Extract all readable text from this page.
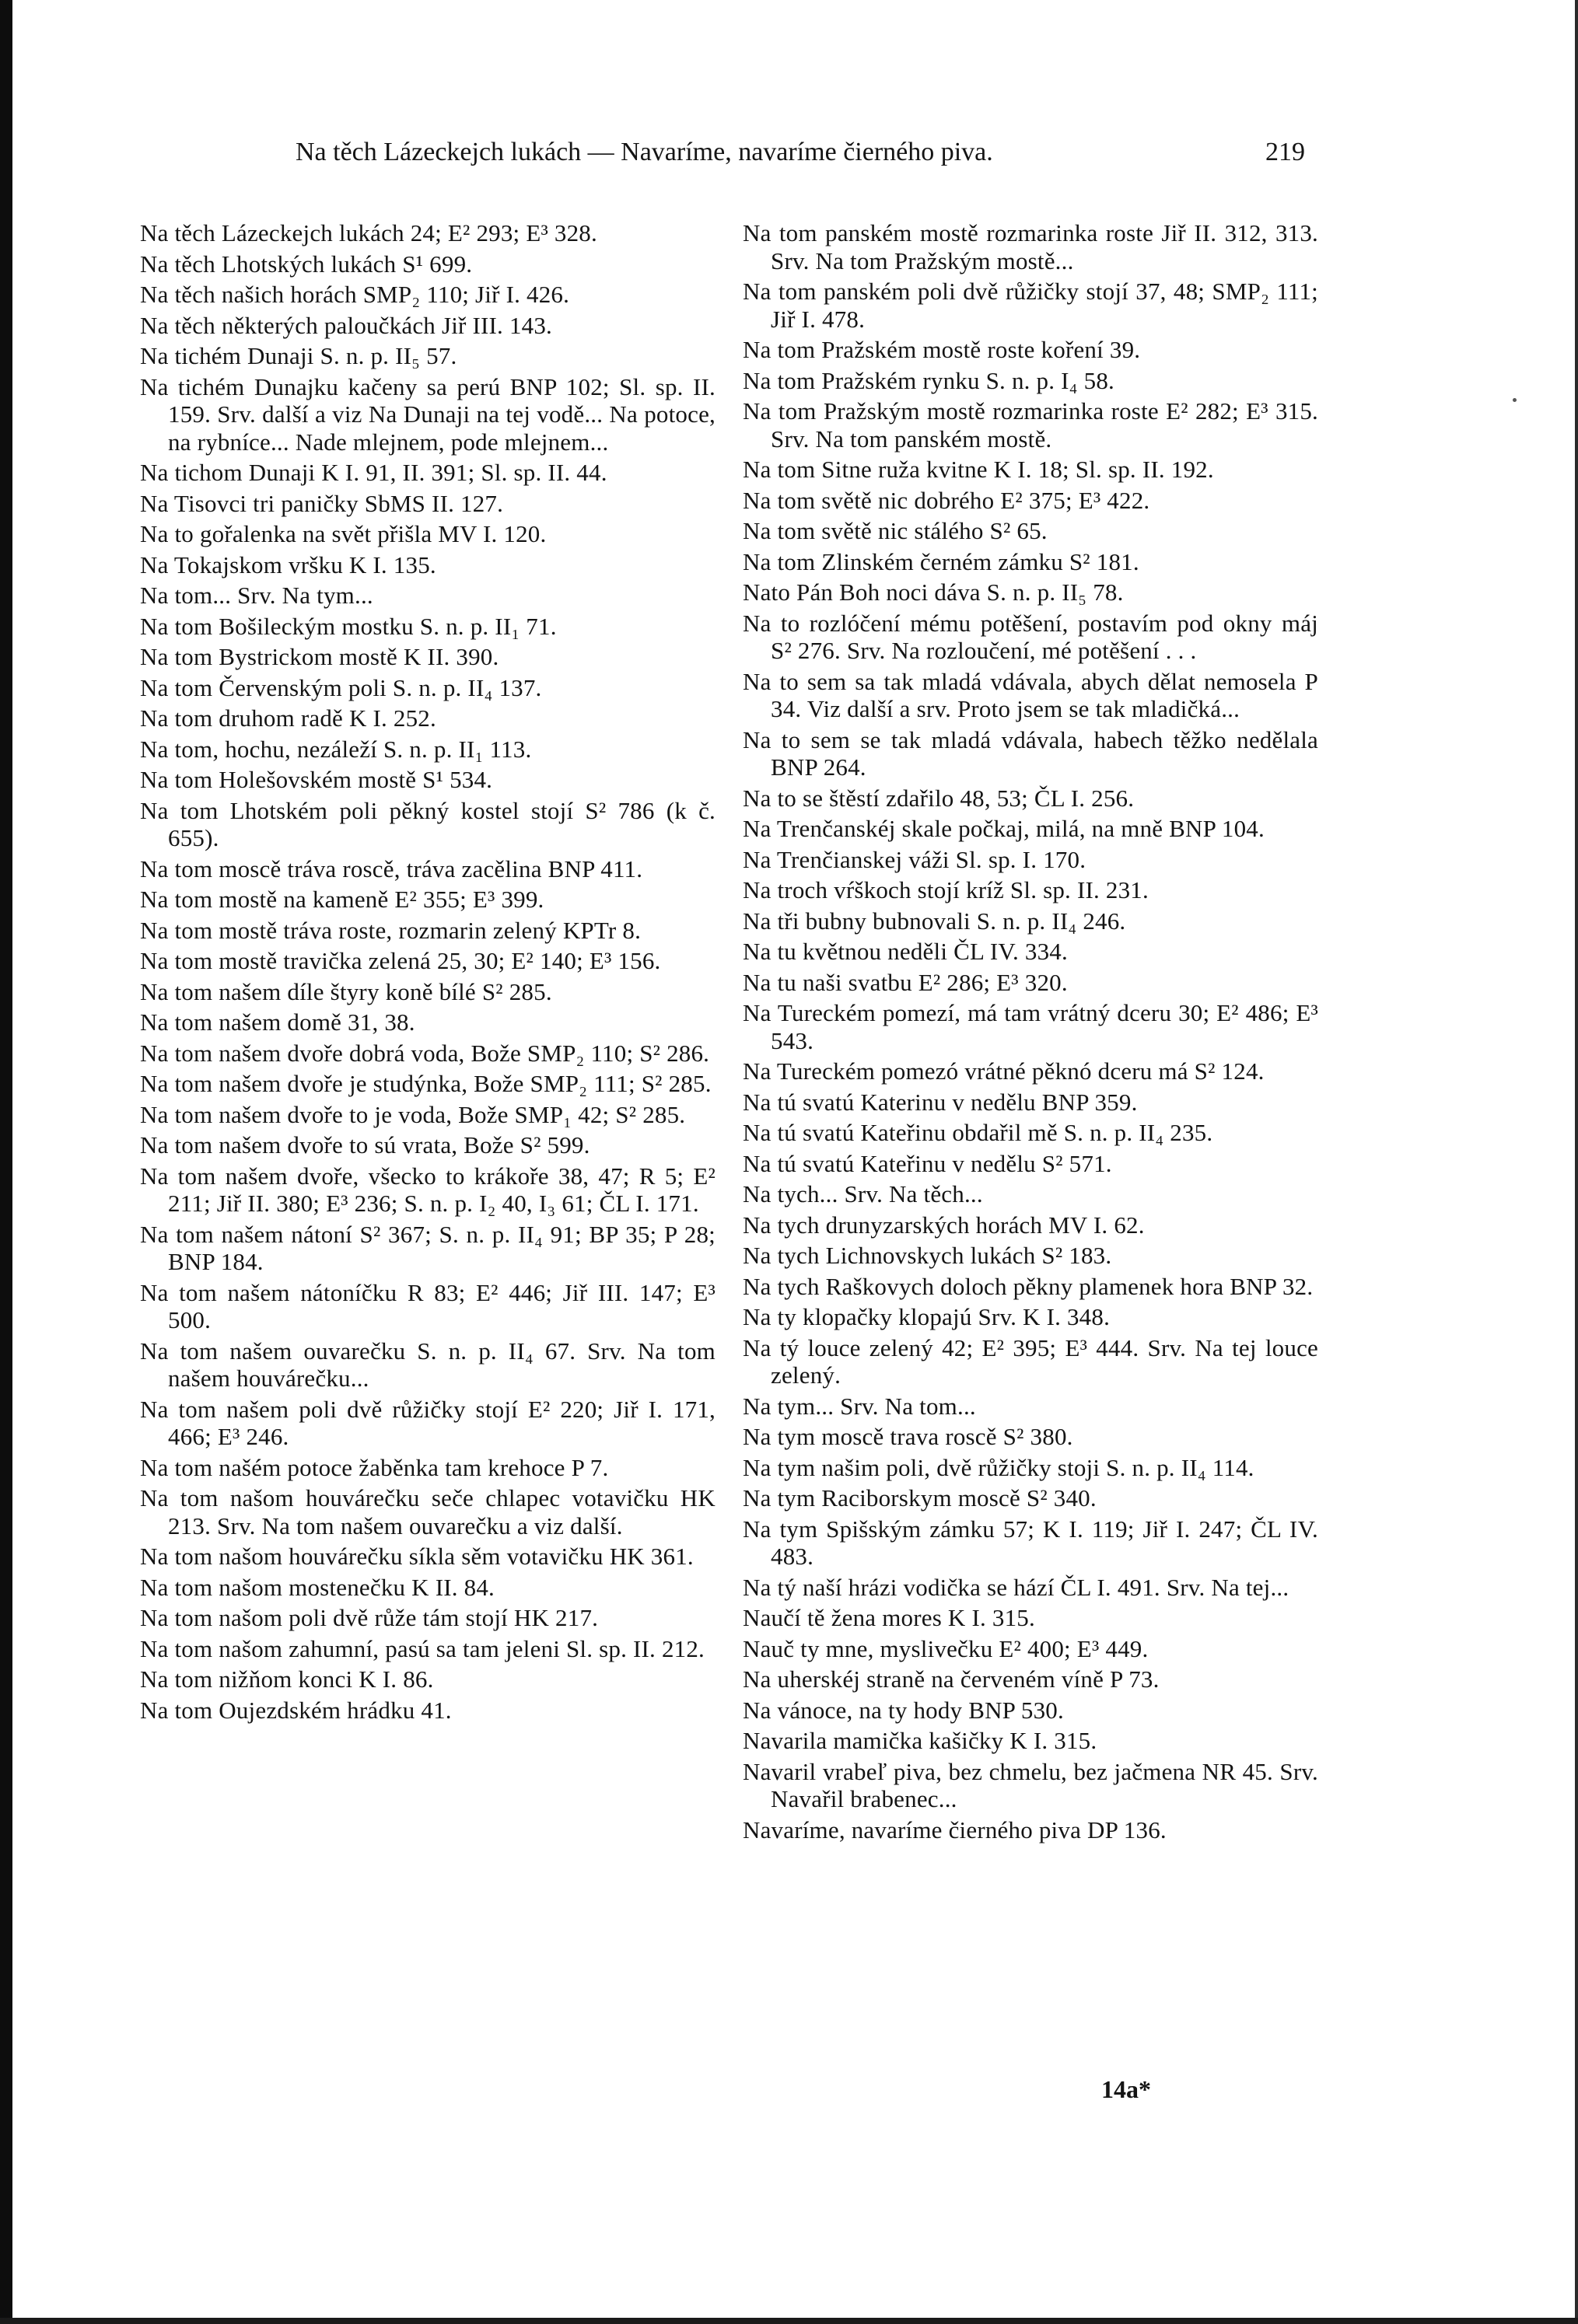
Na těch Lázeckejch lukách — Navaríme, navaríme čierného piva.	219

Na těch Lázeckejch lukách 24; E² 293; E³ 328.

Na těch Lhotských lukách S¹ 699.

Na těch našich horách SMP₂ 110; Jiř I. 426.

Na těch některých paloučkách Jiř III. 143.

Na tichém Dunaji S. n. p. II₅ 57.

Na tichém Dunajku kačeny sa perú BNP 102; Sl. sp. II. 159. Srv. další a viz Na Dunaji na tej vodě... Na potoce, na rybníce... Nade mlejnem, pode mlejnem...

Na tichom Dunaji K I. 91, II. 391; Sl. sp. II. 44.

Na Tisovci tri paničky SbMS II. 127.

Na to gořalenka na svět přišla MV I. 120.

Na Tokajskom vršku K I. 135.

Na tom... Srv. Na tym...

Na tom Bošileckým mostku S. n. p. II₁ 71.

Na tom Bystrickom mostě K II. 390.

Na tom Červenským poli S. n. p. II₄ 137.

Na tom druhom radě K I. 252.

Na tom, hochu, nezáleží S. n. p. II₁ 113.

Na tom Holešovském mostě S¹ 534.

Na tom Lhotském poli pěkný kostel stojí S² 786 (k č. 655).

Na tom moscě tráva roscě, tráva zacělina BNP 411.

Na tom mostě na kameně E² 355; E³ 399.

Na tom mostě tráva roste, rozmarin zelený KPTr 8.

Na tom mostě travička zelená 25, 30; E² 140; E³ 156.

Na tom našem díle štyry koně bílé S² 285.

Na tom našem domě 31, 38.

Na tom našem dvoře dobrá voda, Bože SMP₂ 110; S² 286.

Na tom našem dvoře je studýnka, Bože SMP₂ 111; S² 285.

Na tom našem dvoře to je voda, Bože SMP₁ 42; S² 285.

Na tom našem dvoře to sú vrata, Bože S² 599.

Na tom našem dvoře, všecko to krákoře 38, 47; R 5; E² 211; Jiř II. 380; E³ 236; S. n. p. I₂ 40, I₃ 61; ČL I. 171.

Na tom našem nátoní S² 367; S. n. p. II₄ 91; BP 35; P 28; BNP 184.

Na tom našem nátoníčku R 83; E² 446; Jiř III. 147; E³ 500.

Na tom našem ouvarečku S. n. p. II₄ 67. Srv. Na tom našem houvárečku...

Na tom našem poli dvě růžičky stojí E² 220; Jiř I. 171, 466; E³ 246.

Na tom našém potoce žaběnka tam krehoce P 7.

Na tom našom houvárečku seče chlapec votavičku HK 213. Srv. Na tom našem ouvarečku a viz další.

Na tom našom houvárečku síkla sěm votavičku HK 361.

Na tom našom mostenečku K II. 84.

Na tom našom poli dvě růže tám stojí HK 217.

Na tom našom zahumní, pasú sa tam jeleni Sl. sp. II. 212.

Na tom nižňom konci K I. 86.

Na tom Oujezdském hrádku 41.

Na tom panském mostě rozmarinka roste Jiř II. 312, 313. Srv. Na tom Pražským mostě...

Na tom panském poli dvě růžičky stojí 37, 48; SMP₂ 111; Jiř I. 478.

Na tom Pražském mostě roste koření 39.

Na tom Pražském rynku S. n. p. I₄ 58.

Na tom Pražským mostě rozmarinka roste E² 282; E³ 315. Srv. Na tom panském mostě.

Na tom Sitne ruža kvitne K I. 18; Sl. sp. II. 192.

Na tom světě nic dobrého E² 375; E³ 422.

Na tom světě nic stálého S² 65.

Na tom Zlinském černém zámku S² 181.

Nato Pán Boh noci dáva S. n. p. II₅ 78.

Na to rozlóčení mému potěšení, postavím pod okny máj S² 276. Srv. Na rozloučení, mé potěšení . . .

Na to sem sa tak mladá vdávala, abych dělat nemosela P 34. Viz další a srv. Proto jsem se tak mladičká...

Na to sem se tak mladá vdávala, habech těžko nedělala BNP 264.

Na to se štěstí zdařilo 48, 53; ČL I. 256.

Na Trenčanskéj skale počkaj, milá, na mně BNP 104.

Na Trenčianskej váži Sl. sp. I. 170.

Na troch vŕškoch stojí kríž Sl. sp. II. 231.

Na tři bubny bubnovali S. n. p. II₄ 246.

Na tu květnou neděli ČL IV. 334.

Na tu naši svatbu E² 286; E³ 320.

Na Tureckém pomezí, má tam vrátný dceru 30; E² 486; E³ 543.

Na Tureckém pomezó vrátné pěknó dceru má S² 124.

Na tú svatú Katerinu v nedělu BNP 359.

Na tú svatú Kateřinu obdařil mě S. n. p. II₄ 235.

Na tú svatú Kateřinu v nedělu S² 571.

Na tych... Srv. Na těch...

Na tych drunyzarských horách MV I. 62.

Na tych Lichnovskych lukách S² 183.

Na tych Raškovych doloch pěkny plamenek hora BNP 32.

Na ty klopačky klopajú Srv. K I. 348.

Na tý louce zelený 42; E² 395; E³ 444. Srv. Na tej louce zelený.

Na tym... Srv. Na tom...

Na tym moscě trava roscě S² 380.

Na tym našim poli, dvě růžičky stoji S. n. p. II₄ 114.

Na tym Raciborskym moscě S² 340.

Na tym Spišským zámku 57; K I. 119; Jiř I. 247; ČL IV. 483.

Na tý naší hrázi vodička se hází ČL I. 491. Srv. Na tej...

Naučí tě žena mores K I. 315.

Nauč ty mne, myslivečku E² 400; E³ 449.

Na uherskéj straně na červeném víně P 73.

Na vánoce, na ty hody BNP 530.

Navarila mamička kašičky K I. 315.

Navaril vrabeľ piva, bez chmelu, bez jačmena NR 45. Srv. Navařil brabenec...

Navaríme, navaríme čierného piva DP 136.

14a*
